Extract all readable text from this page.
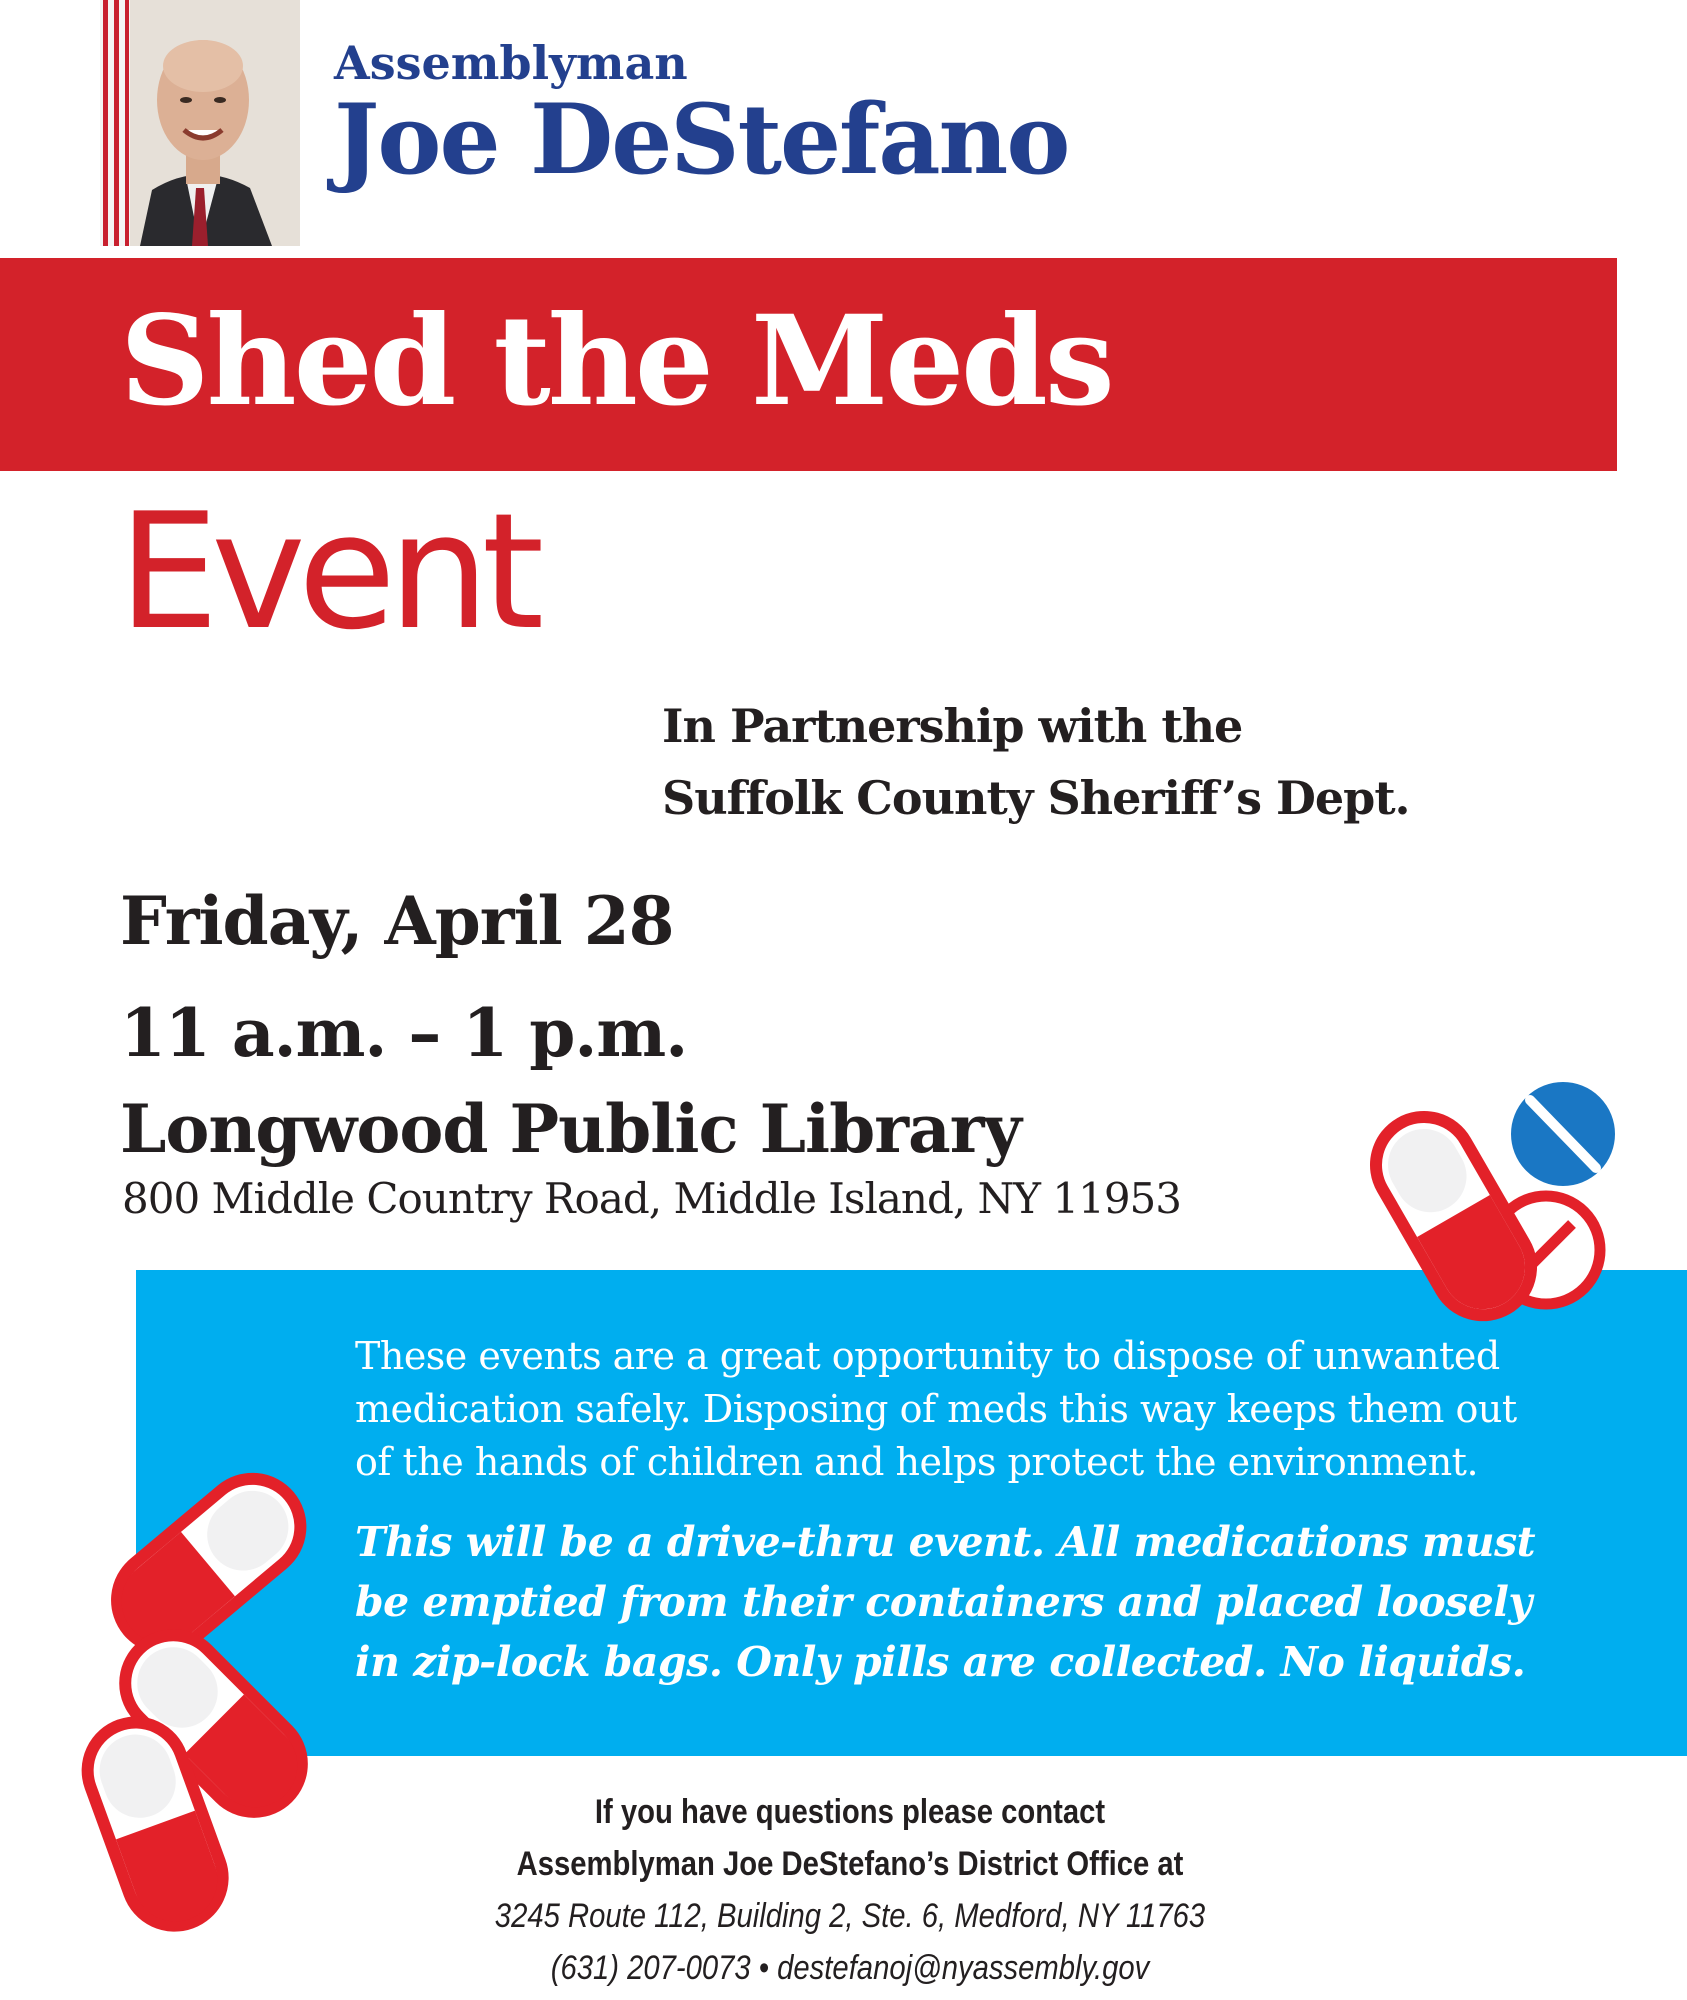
Assemblyman
Joe DeStefano
Shed the Meds
Event
In Partnership with the
Suffolk County Sheriff’s Dept.
Friday, April 28
11 a.m. – 1 p.m.
Longwood Public Library
800 Middle Country Road, Middle Island, NY 11953
These events are a great opportunity to dispose of unwanted medication safely. Disposing of meds this way keeps them out of the hands of children and helps protect the environment.
This will be a drive-thru event. All medications must be emptied from their containers and placed loosely in zip-lock bags. Only pills are collected. No liquids.
If you have questions please contact
Assemblyman Joe DeStefano’s District Office at
3245 Route 112, Building 2, Ste. 6, Medford, NY 11763
(631) 207-0073 • destefanoj@nyassembly.gov
